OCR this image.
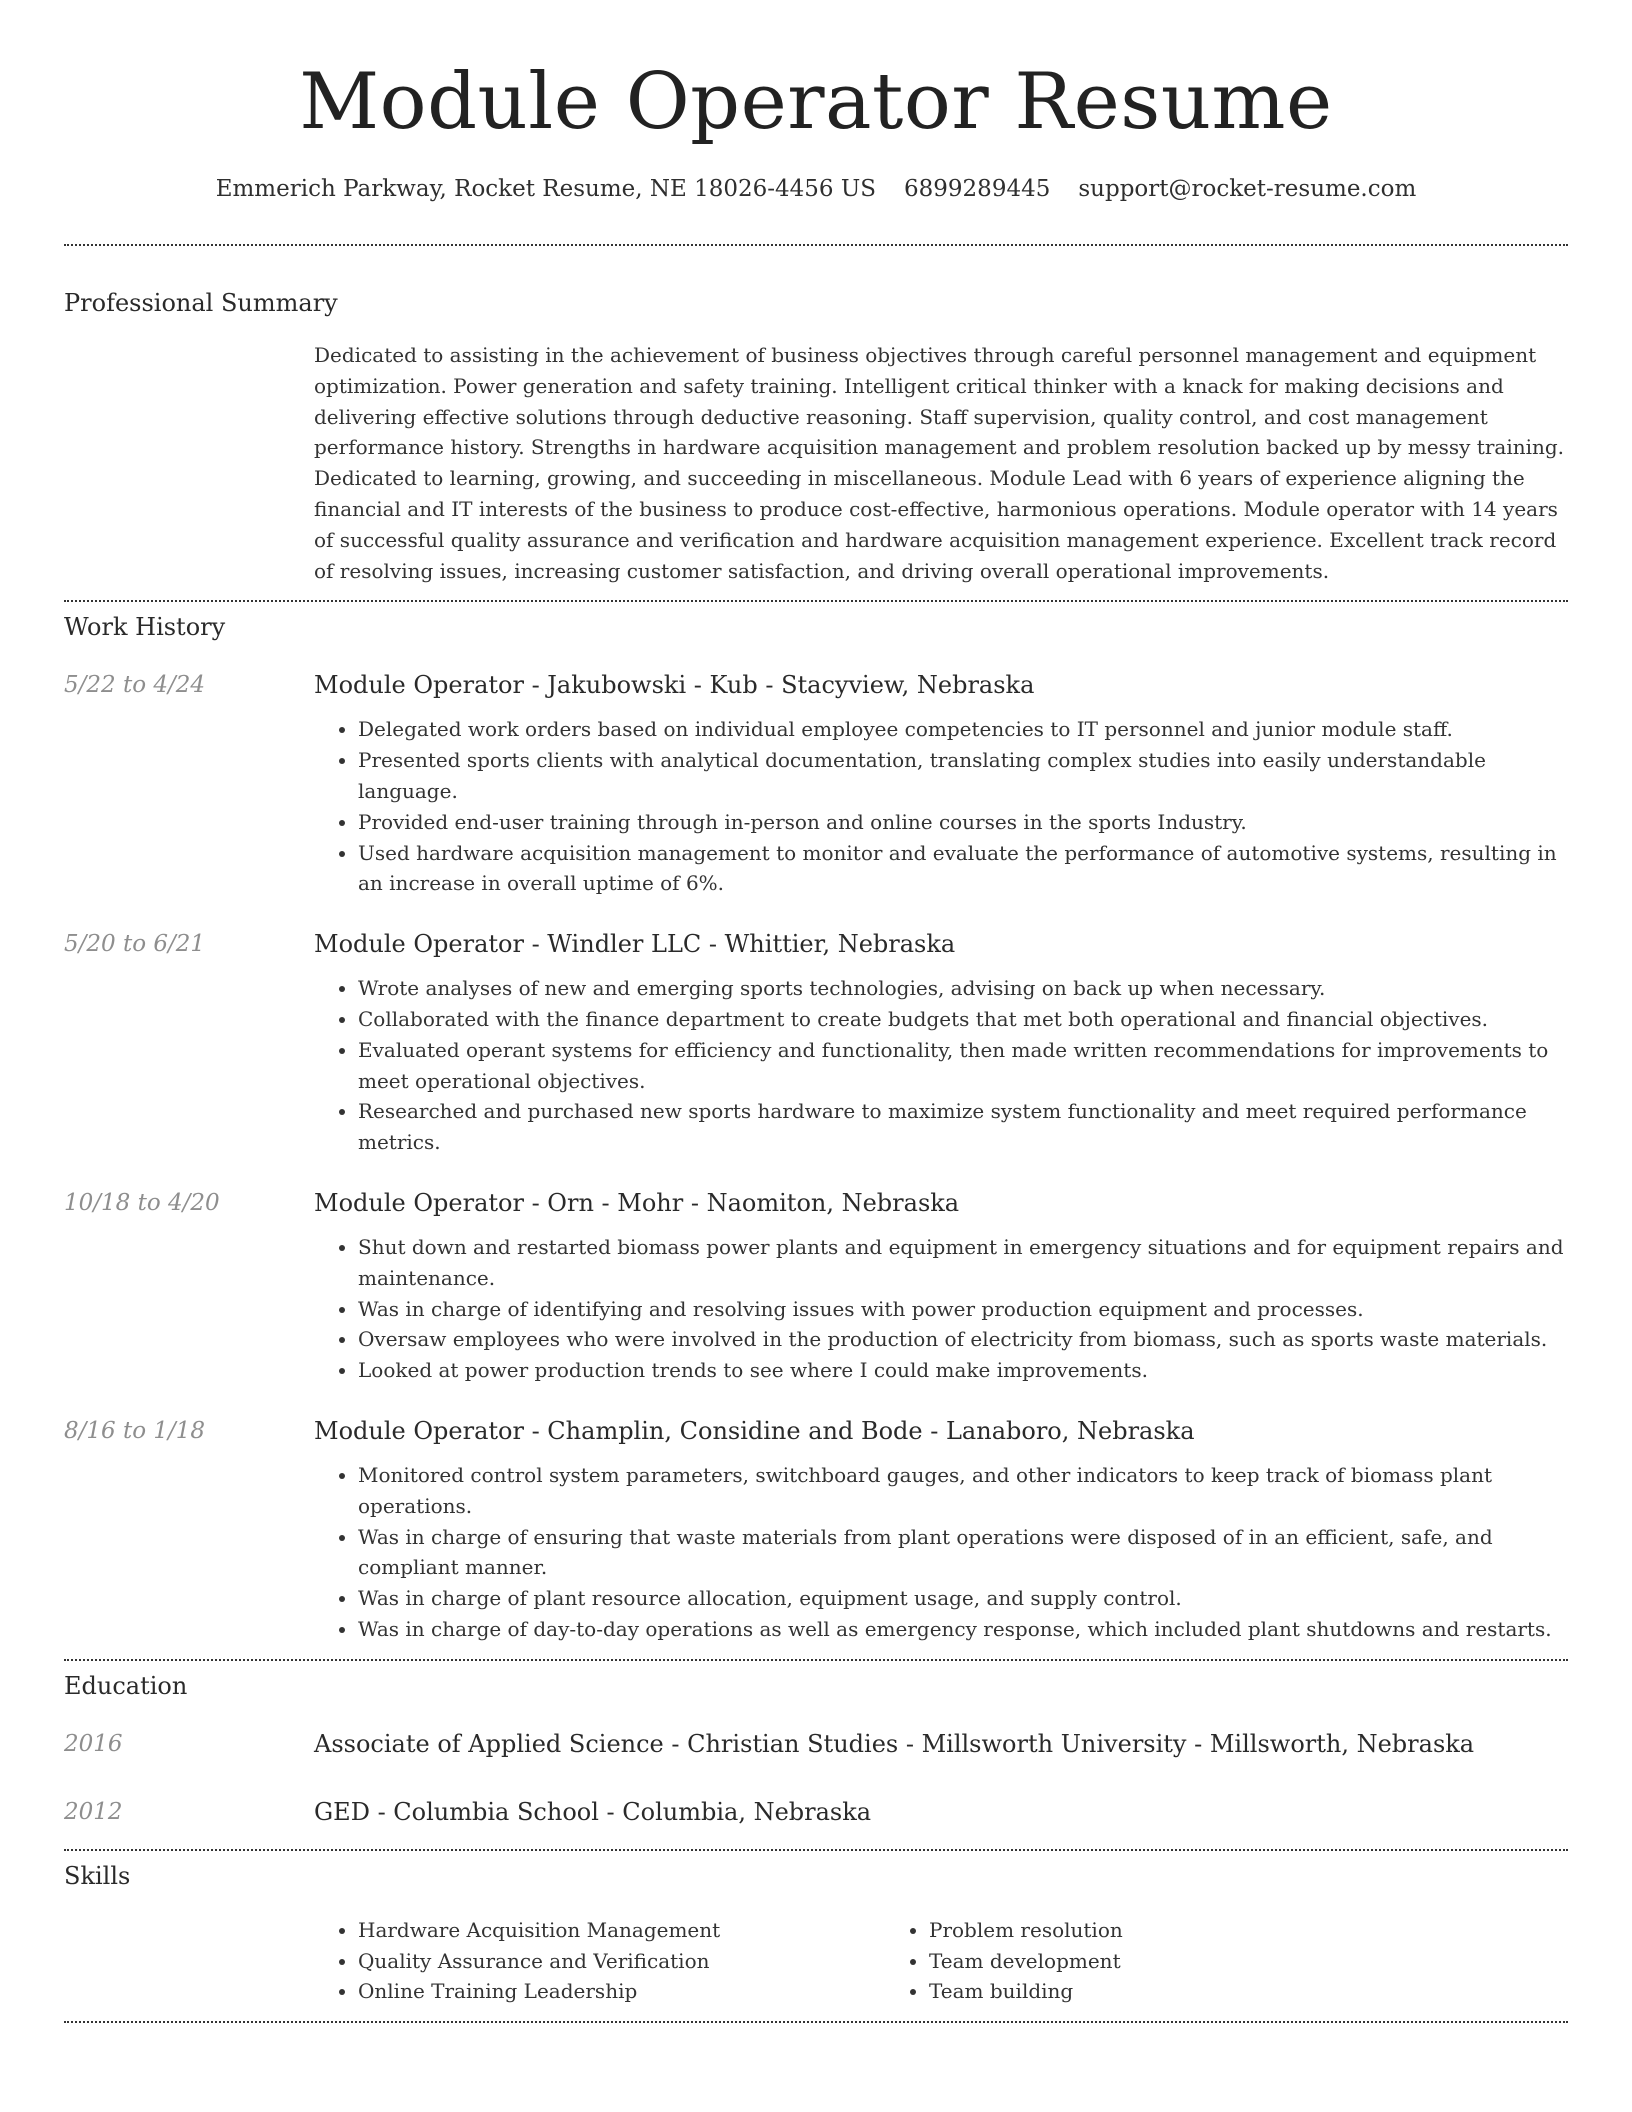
Module Operator Resume
Emmerich Parkway, Rocket Resume, NE 18026-4456 US 6899289445 support@rocket-resume.com
Professional Summary
Dedicated to assisting in the achievement of business objectives through careful personnel management and equipment optimization. Power generation and safety training. Intelligent critical thinker with a knack for making decisions and delivering effective solutions through deductive reasoning. Staff supervision, quality control, and cost management performance history. Strengths in hardware acquisition management and problem resolution backed up by messy training. Dedicated to learning, growing, and succeeding in miscellaneous. Module Lead with 6 years of experience aligning the financial and IT interests of the business to produce cost-effective, harmonious operations. Module operator with 14 years of successful quality assurance and verification and hardware acquisition management experience. Excellent track record of resolving issues, increasing customer satisfaction, and driving overall operational improvements.
Work History
5/22 to 4/24	Module Operator - Jakubowski - Kub - Stacyview, Nebraska
• Delegated work orders based on individual employee competencies to IT personnel and junior module staff.
• Presented sports clients with analytical documentation, translating complex studies into easily understandable language.
• Provided end-user training through in-person and online courses in the sports Industry.
• Used hardware acquisition management to monitor and evaluate the performance of automotive systems, resulting in an increase in overall uptime of 6%.
5/20 to 6/21	Module Operator - Windler LLC - Whittier, Nebraska
• Wrote analyses of new and emerging sports technologies, advising on back up when necessary.
• Collaborated with the finance department to create budgets that met both operational and financial objectives.
• Evaluated operant systems for efficiency and functionality, then made written recommendations for improvements to meet operational objectives.
• Researched and purchased new sports hardware to maximize system functionality and meet required performance metrics.
10/18 to 4/20	Module Operator - Orn - Mohr - Naomiton, Nebraska
• Shut down and restarted biomass power plants and equipment in emergency situations and for equipment repairs and maintenance.
• Was in charge of identifying and resolving issues with power production equipment and processes.
• Oversaw employees who were involved in the production of electricity from biomass, such as sports waste materials.
• Looked at power production trends to see where I could make improvements.
8/16 to 1/18	Module Operator - Champlin, Considine and Bode - Lanaboro, Nebraska
• Monitored control system parameters, switchboard gauges, and other indicators to keep track of biomass plant operations.
• Was in charge of ensuring that waste materials from plant operations were disposed of in an efficient, safe, and compliant manner.
• Was in charge of plant resource allocation, equipment usage, and supply control.
• Was in charge of day-to-day operations as well as emergency response, which included plant shutdowns and restarts.
Education
2016	Associate of Applied Science - Christian Studies - Millsworth University - Millsworth, Nebraska
2012	GED - Columbia School - Columbia, Nebraska
Skills
• Hardware Acquisition Management
• Quality Assurance and Verification
• Online Training Leadership
• Problem resolution
• Team development
• Team building
